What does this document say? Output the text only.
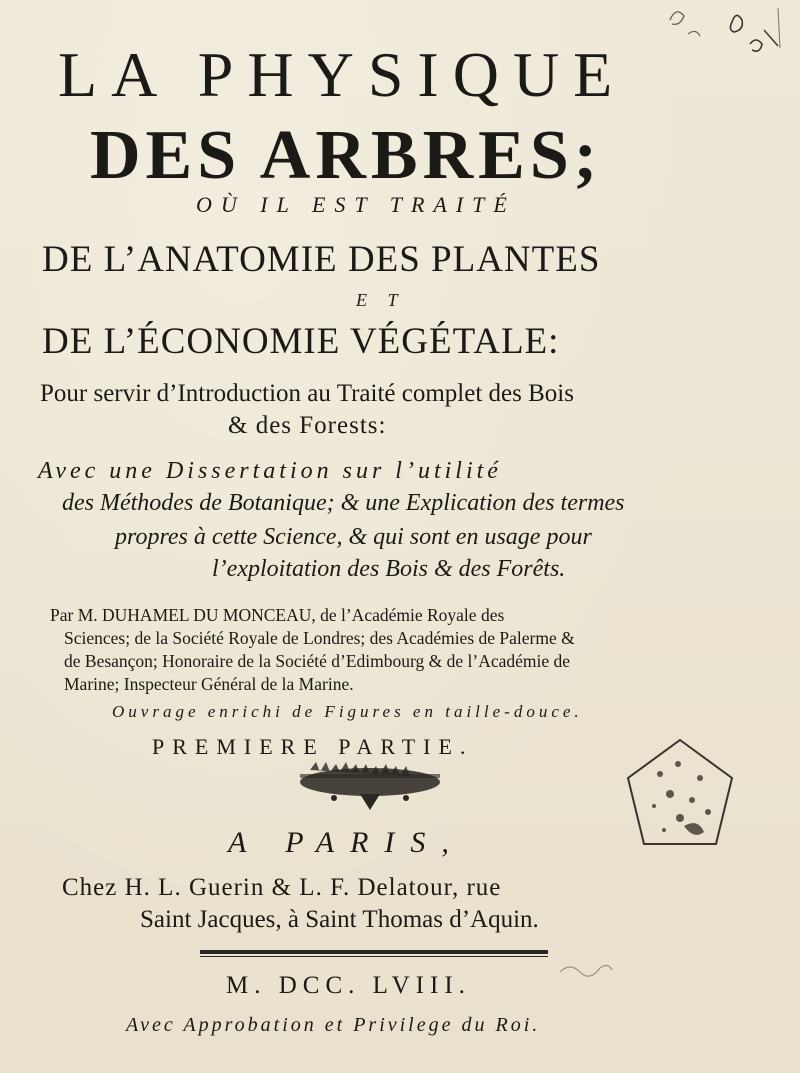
LA PHYSIQUE
DES ARBRES;
OÙ IL EST TRAITÉ
DE L’ANATOMIE DES PLANTES
E T
DE L’ÉCONOMIE VÉGÉTALE:
Pour servir d’Introduction au Traité complet des Bois
& des Forests:
Avec une Dissertation sur l’utilité
des Méthodes de Botanique; & une Explication des termes
propres à cette Science, & qui sont en usage pour
l’exploitation des Bois & des Forêts.
Par M. DUHAMEL DU MONCEAU, de l’Académie Royale des
Sciences; de la Société Royale de Londres; des Académies de Palerme &
de Besançon; Honoraire de la Société d’Edimbourg & de l’Académie de
Marine; Inspecteur Général de la Marine.
Ouvrage enrichi de Figures en taille-douce.
PREMIERE PARTIE.
A PARIS,
Chez H. L. Guerin & L. F. Delatour, rue
Saint Jacques, à Saint Thomas d’Aquin.
M. DCC. LVIII.
Avec Approbation et Privilege du Roi.
